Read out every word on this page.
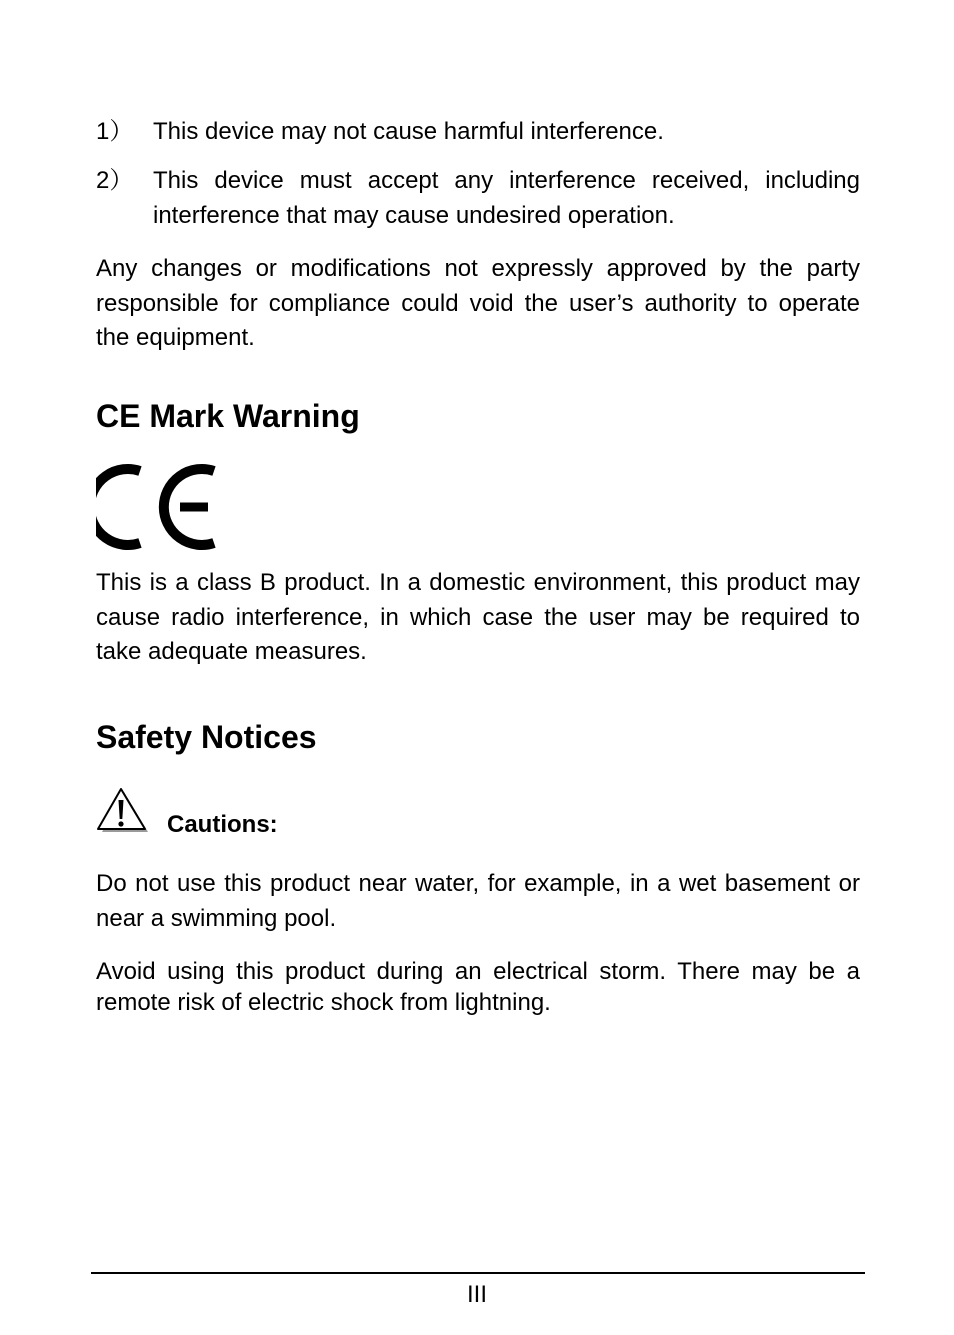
1） This device may not cause harmful interference.
2） This device must accept any interference received, including interference that may cause undesired operation.

Any changes or modifications not expressly approved by the party responsible for compliance could void the user’s authority to operate the equipment.

CE Mark Warning

This is a class B product. In a domestic environment, this product may cause radio interference, in which case the user may be required to take adequate measures.

Safety Notices
Cautions:

Do not use this product near water, for example, in a wet basement or near a swimming pool.

Avoid using this product during an electrical storm. There may be a remote risk of electric shock from lightning.

III
